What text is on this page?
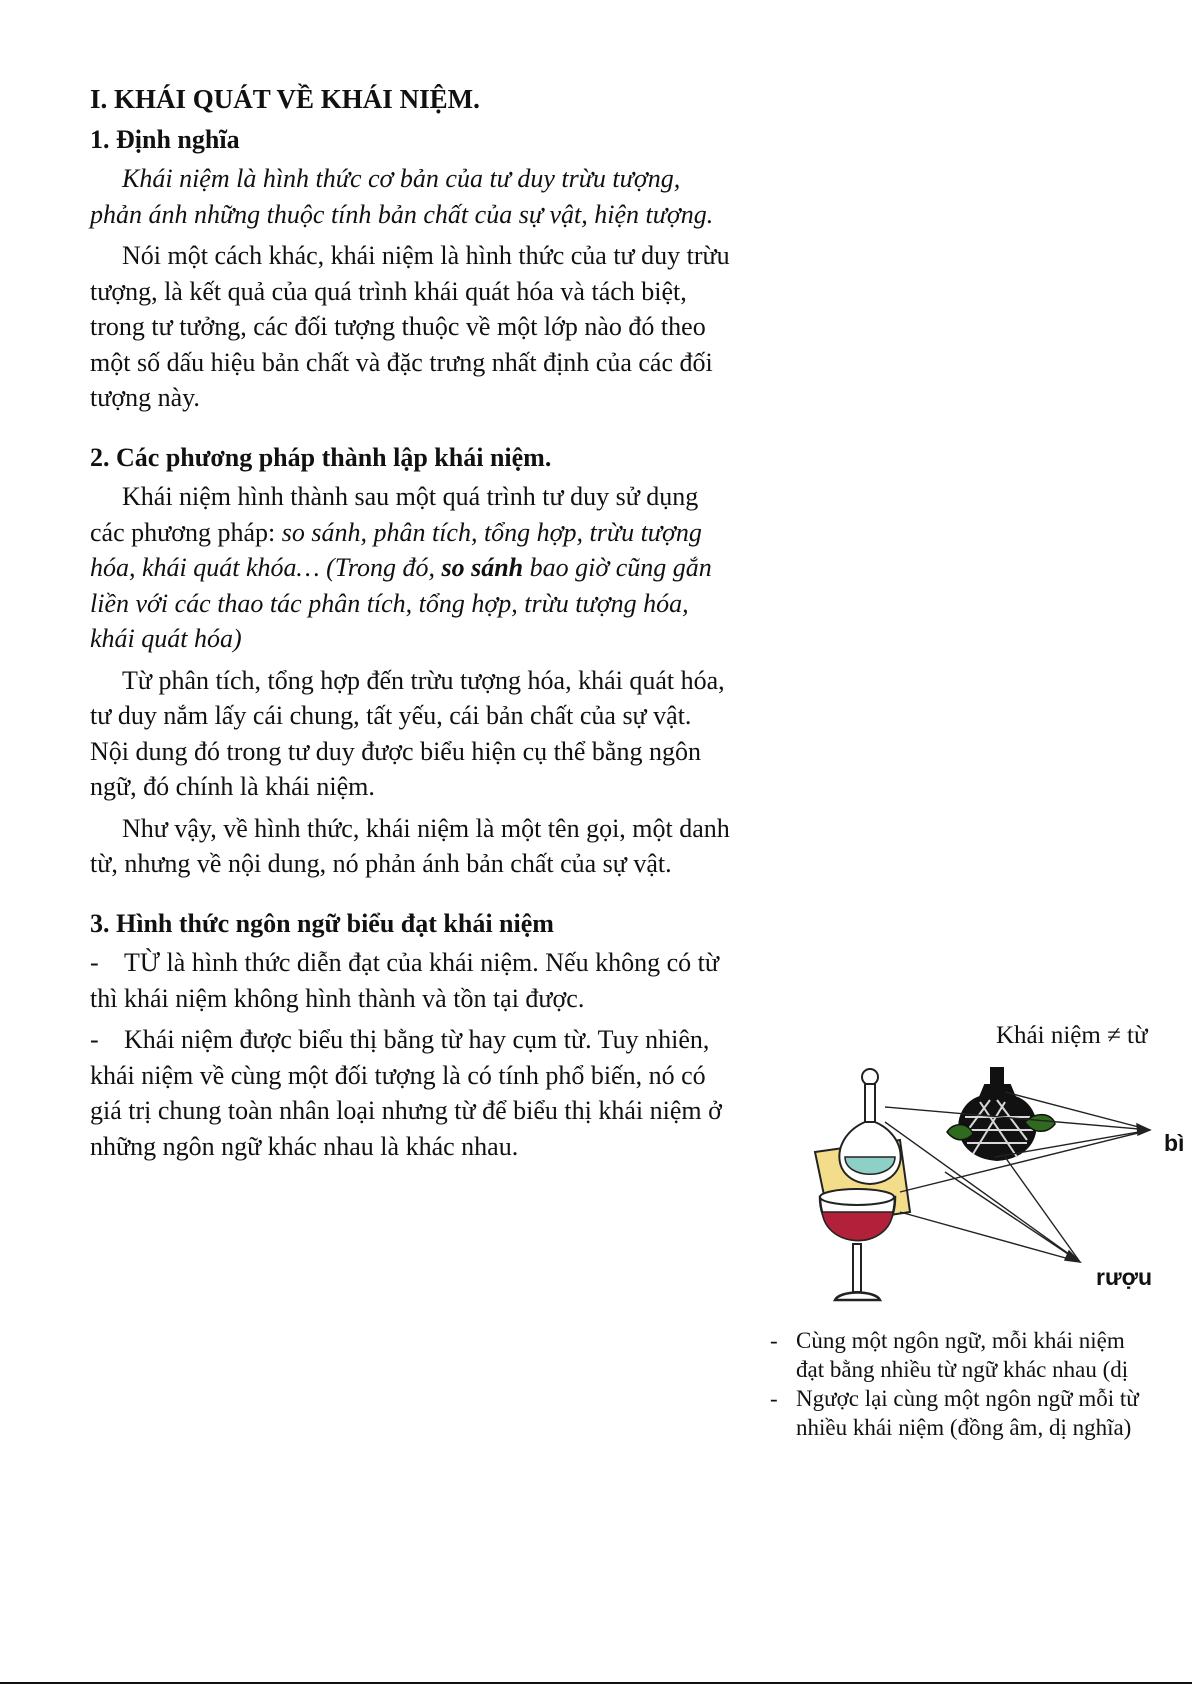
I. KHÁI QUÁT VỀ KHÁI NIỆM.
1. Định nghĩa

Khái niệm là hình thức cơ bản của tư duy trừu tượng, phản ánh những thuộc tính bản chất của sự vật, hiện tượng.

Nói một cách khác, khái niệm là hình thức của tư duy trừu tượng, là kết quả của quá trình khái quát hóa và tách biệt, trong tư tưởng, các đối tượng thuộc về một lớp nào đó theo một số dấu hiệu bản chất và đặc trưng nhất định của các đối tượng này.

2. Các phương pháp thành lập khái niệm.

Khái niệm hình thành sau một quá trình tư duy sử dụng các phương pháp: so sánh, phân tích, tổng hợp, trừu tượng hóa, khái quát khóa… (Trong đó, so sánh bao giờ cũng gắn liền với các thao tác phân tích, tổng hợp, trừu tượng hóa, khái quát hóa)

Từ phân tích, tổng hợp đến trừu tượng hóa, khái quát hóa, tư duy nắm lấy cái chung, tất yếu, cái bản chất của sự vật. Nội dung đó trong tư duy được biểu hiện cụ thể bằng ngôn ngữ, đó chính là khái niệm.

Như vậy, về hình thức, khái niệm là một tên gọi, một danh từ, nhưng về nội dung, nó phản ánh bản chất của sự vật.

3. Hình thức ngôn ngữ biểu đạt khái niệm

- TỪ là hình thức diễn đạt của khái niệm. Nếu không có từ thì khái niệm không hình thành và tồn tại được.

- Khái niệm được biểu thị bằng từ hay cụm từ. Tuy nhiên, khái niệm về cùng một đối tượng là có tính phổ biến, nó có giá trị chung toàn nhân loại nhưng từ để biểu thị khái niệm ở những ngôn ngữ khác nhau là khác nhau.

Khái niệm ≠ từ
bì
rượu
- Cùng một ngôn ngữ, mỗi khái niệm
đạt bằng nhiều từ ngữ khác nhau (dị
- Ngược lại cùng một ngôn ngữ mỗi từ
nhiều khái niệm (đồng âm, dị nghĩa)
